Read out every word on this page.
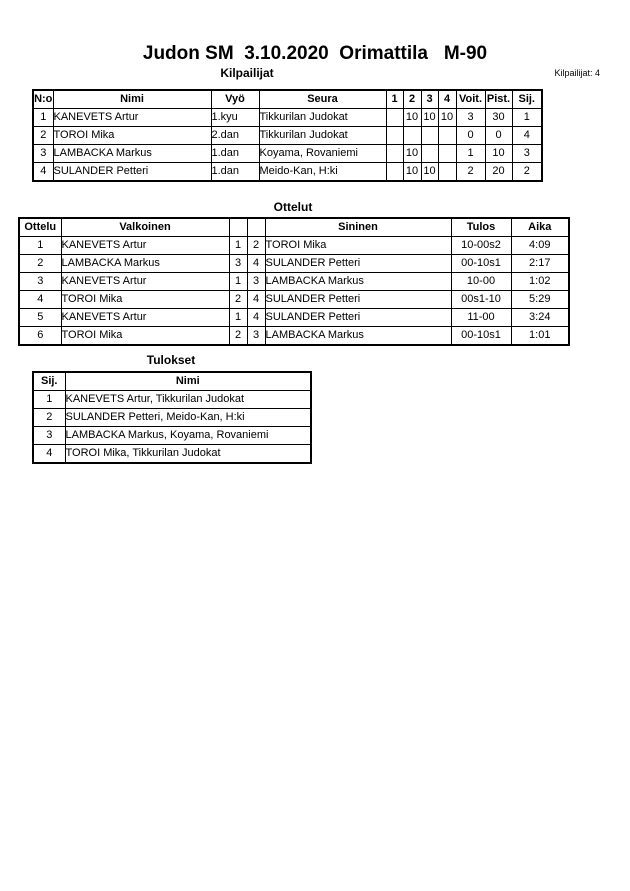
Judon SM  3.10.2020  Orimattila   M-90
Kilpailijat: 4
Kilpailijat
N:o	Nimi	Vyö	Seura	1	2	3	4	Voit.	Pist.	Sij.
1	KANEVETS Artur	1.kyu	Tikkurilan Judokat		10	10	10	3	30	1
2	TOROI Mika	2.dan	Tikkurilan Judokat					0	0	4
3	LAMBACKA Markus	1.dan	Koyama, Rovaniemi		10			1	10	3
4	SULANDER Petteri	1.dan	Meido-Kan, H:ki		10	10		2	20	2
Ottelut
Ottelu	Valkoinen			Sininen	Tulos	Aika
1	KANEVETS Artur	1	2	TOROI Mika	10-00s2	4:09
2	LAMBACKA Markus	3	4	SULANDER Petteri	00-10s1	2:17
3	KANEVETS Artur	1	3	LAMBACKA Markus	10-00	1:02
4	TOROI Mika	2	4	SULANDER Petteri	00s1-10	5:29
5	KANEVETS Artur	1	4	SULANDER Petteri	11-00	3:24
6	TOROI Mika	2	3	LAMBACKA Markus	00-10s1	1:01
Tulokset
Sij.	Nimi
1	KANEVETS Artur, Tikkurilan Judokat
2	SULANDER Petteri, Meido-Kan, H:ki
3	LAMBACKA Markus, Koyama, Rovaniemi
4	TOROI Mika, Tikkurilan Judokat
